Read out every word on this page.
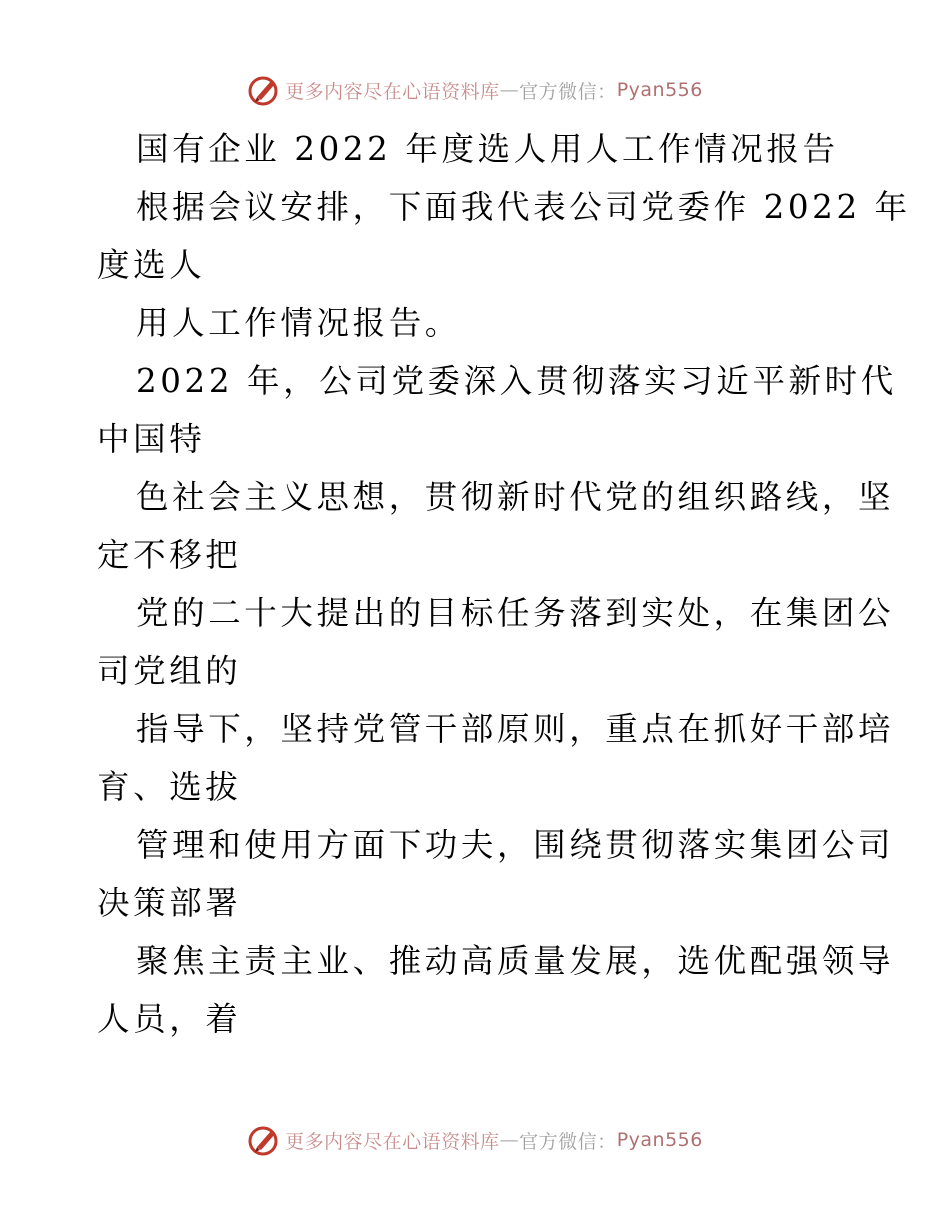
更多内容尽在心语资料库 — 官方微信： Pyan556
国有企业 2022 年度选人用人工作情况报告
根据会议安排，下面我代表公司党委作 2022 年
度选人
用人工作情况报告。
2022 年，公司党委深入贯彻落实习近平新时代
中国特
色社会主义思想，贯彻新时代党的组织路线，坚
定不移把
党的二十大提出的目标任务落到实处，在集团公
司党组的
指导下，坚持党管干部原则，重点在抓好干部培
育、选拔
管理和使用方面下功夫，围绕贯彻落实集团公司
决策部署
聚焦主责主业、推动高质量发展，选优配强领导
人员，着
更多内容尽在心语资料库 — 官方微信： Pyan556
